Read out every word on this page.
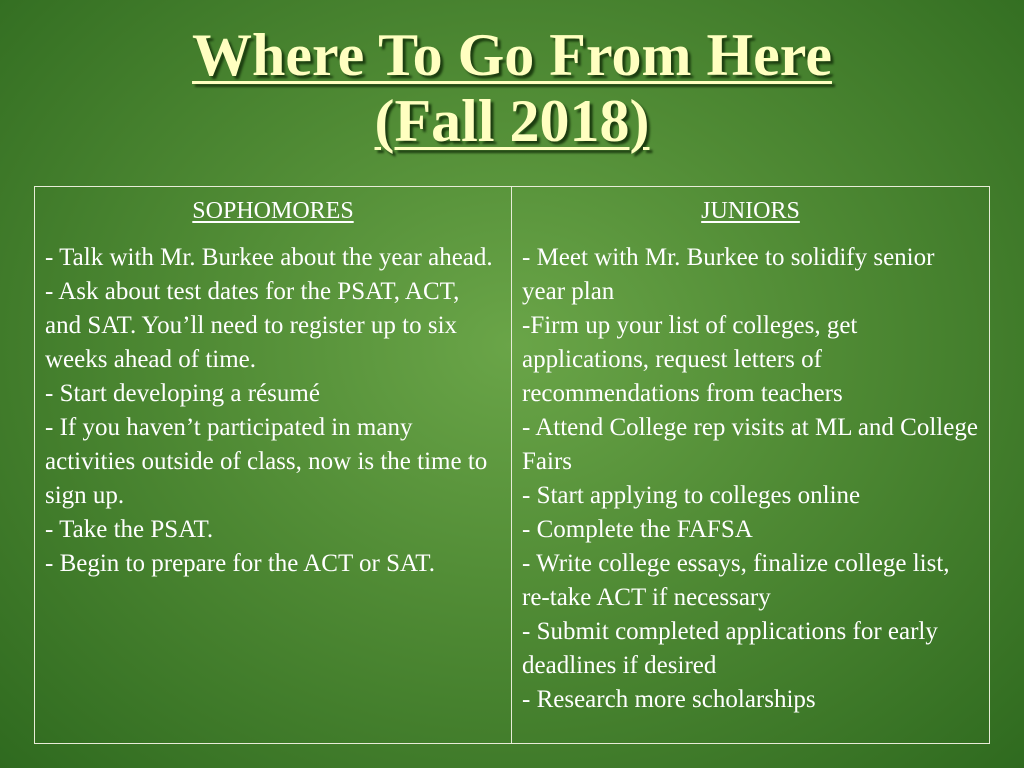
Where To Go From Here
(Fall 2018)
SOPHOMORES
- Talk with Mr. Burkee about the year ahead.
- Ask about test dates for the PSAT, ACT, and SAT. You’ll need to register up to six weeks ahead of time.
- Start developing a résumé
- If you haven’t participated in many activities outside of class, now is the time to sign up.
- Take the PSAT.
- Begin to prepare for the ACT or SAT.
JUNIORS
- Meet with Mr. Burkee to solidify senior year plan
-Firm up your list of colleges, get applications, request letters of recommendations from teachers
- Attend College rep visits at ML and College Fairs
- Start applying to colleges online
- Complete the FAFSA
- Write college essays, finalize college list, re-take ACT if necessary
- Submit completed applications for early deadlines if desired
- Research more scholarships
